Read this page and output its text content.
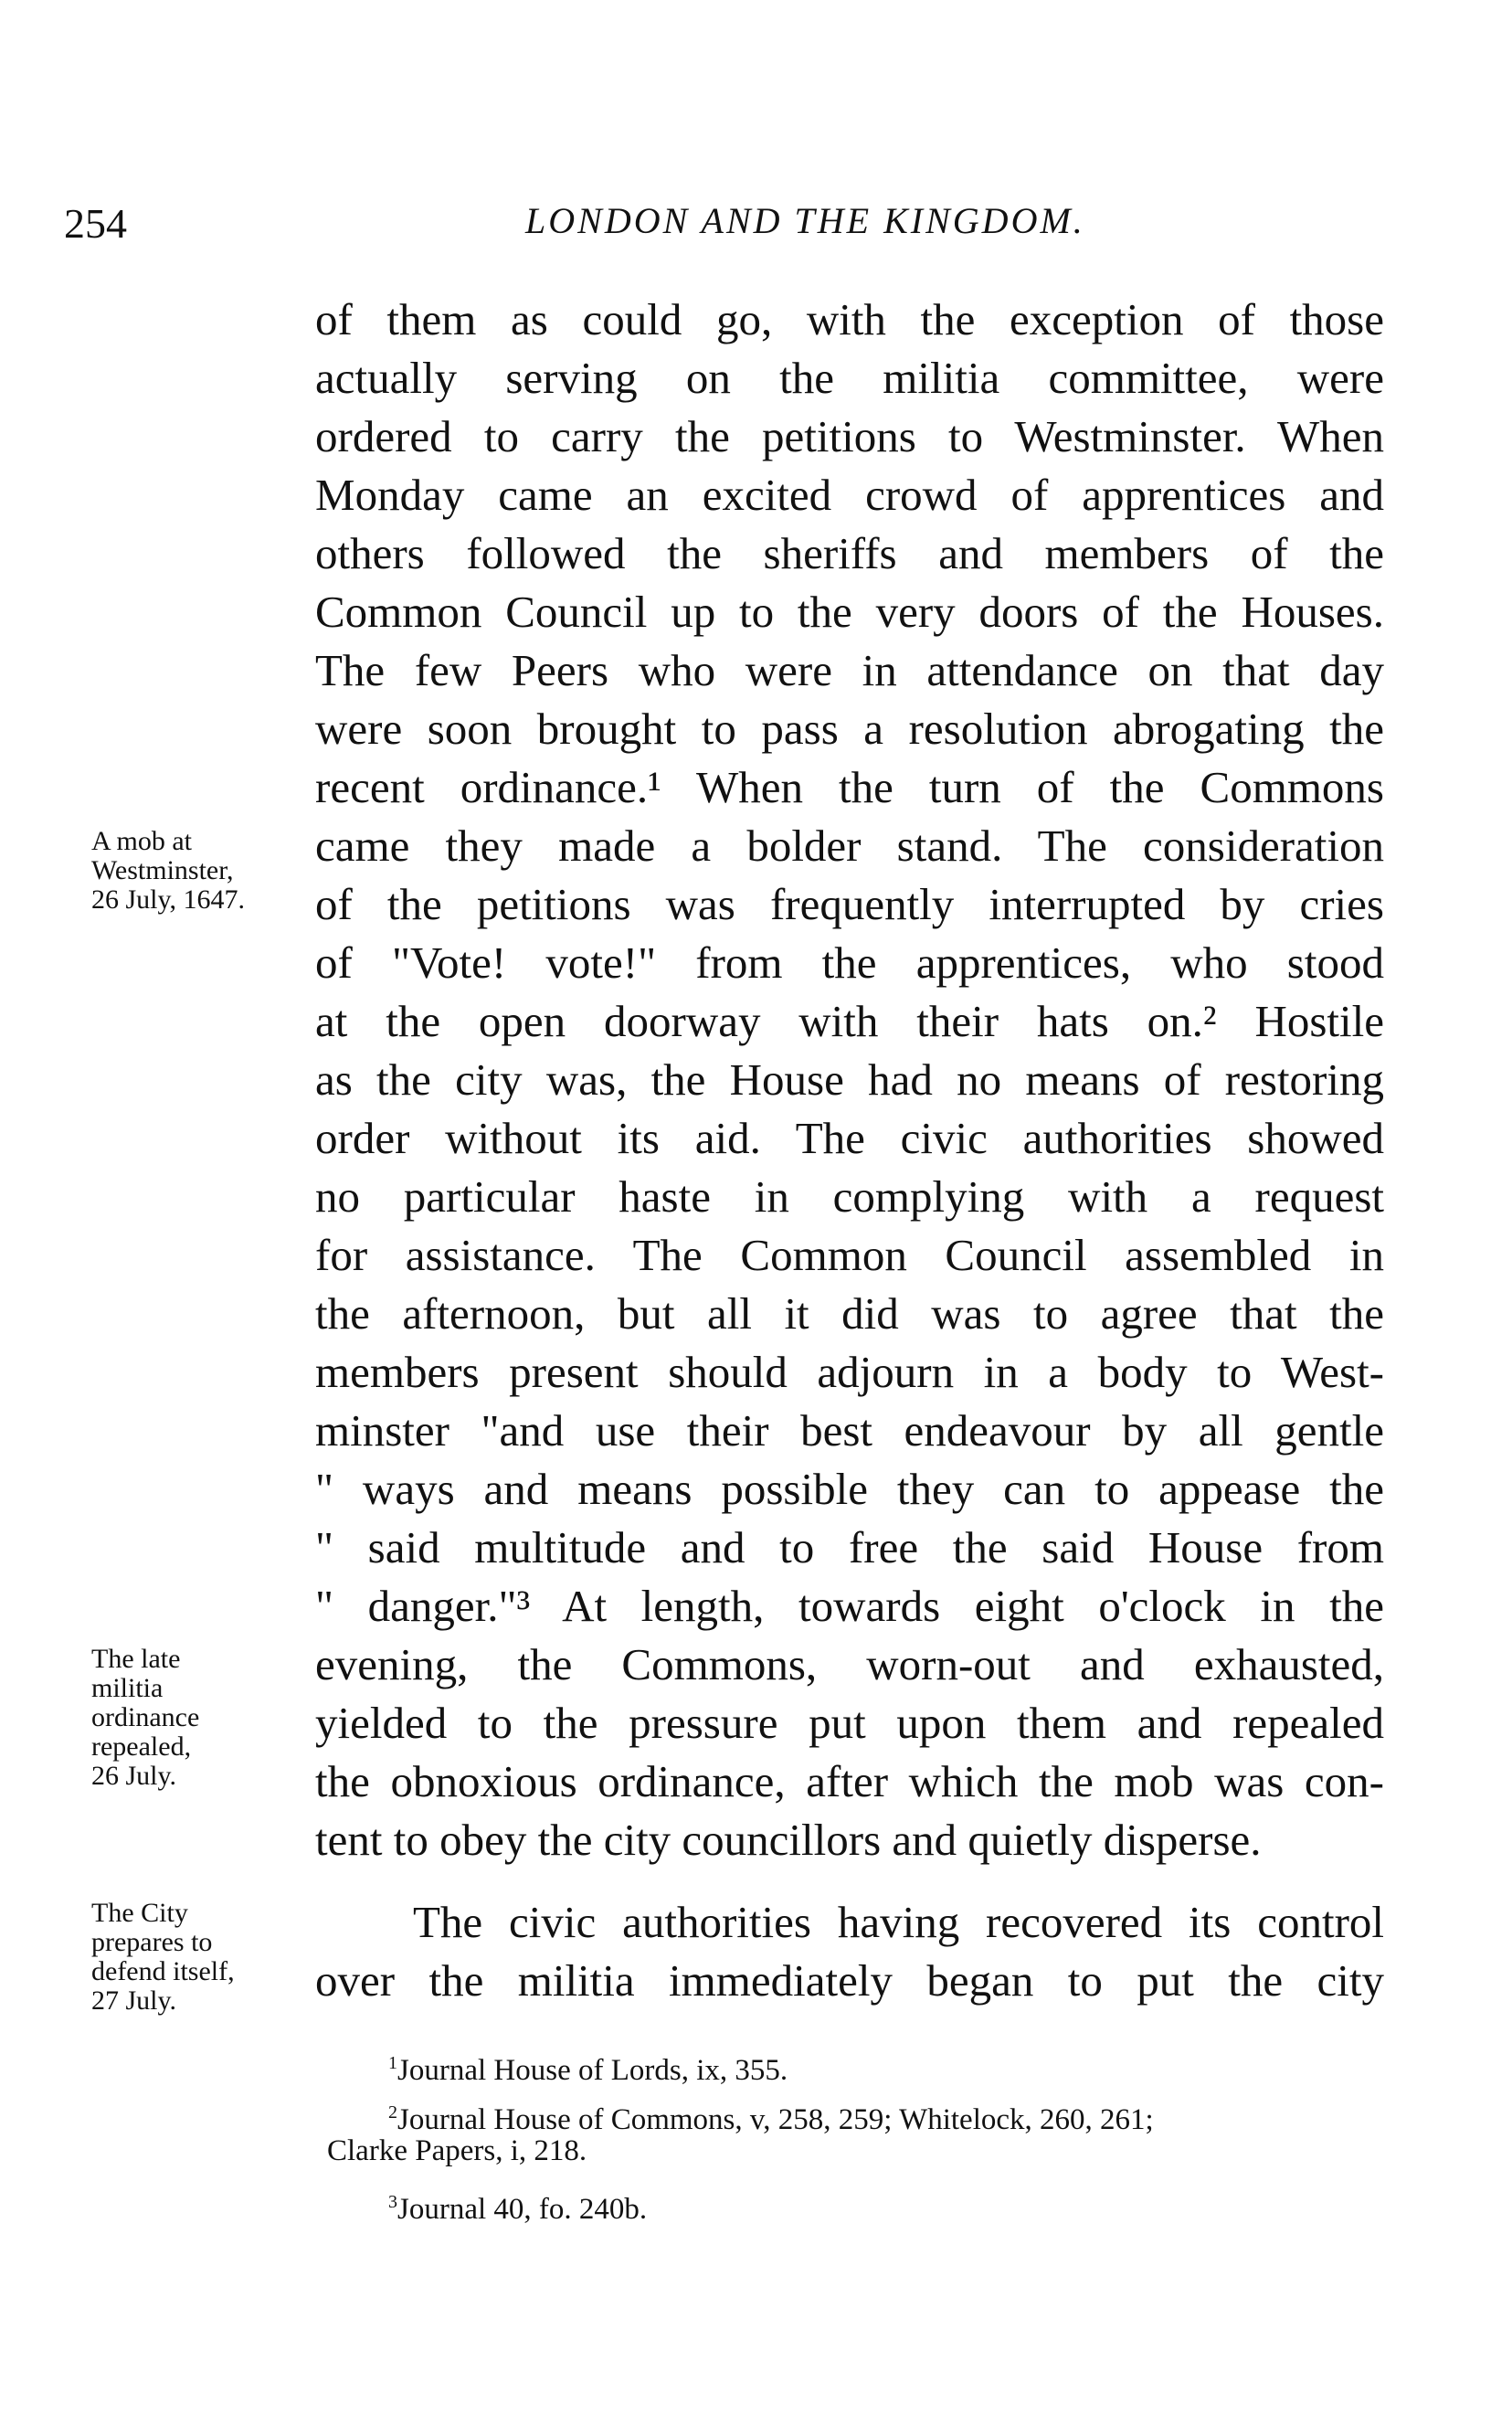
254	LONDON AND THE KINGDOM.
of them as could go, with the exception of those
actually serving on the militia committee, were
ordered to carry the petitions to Westminster. When
Monday came an excited crowd of apprentices and
others followed the sheriffs and members of the
Common Council up to the very doors of the Houses.
The few Peers who were in attendance on that day
were soon brought to pass a resolution abrogating the
recent ordinance.¹ When the turn of the Commons
came they made a bolder stand. The consideration
of the petitions was frequently interrupted by cries
of "Vote! vote!" from the apprentices, who stood
at the open doorway with their hats on.² Hostile
as the city was, the House had no means of restoring
order without its aid. The civic authorities showed
no particular haste in complying with a request
for assistance. The Common Council assembled in
the afternoon, but all it did was to agree that the
members present should adjourn in a body to West-
minster "and use their best endeavour by all gentle
" ways and means possible they can to appease the
" said multitude and to free the said House from
" danger."³ At length, towards eight o'clock in the
evening, the Commons, worn-out and exhausted,
yielded to the pressure put upon them and repealed
the obnoxious ordinance, after which the mob was con-
tent to obey the city councillors and quietly disperse.
The civic authorities having recovered its control
over the militia immediately began to put the city
A mob at
Westminster,
26 July, 1647.
The late
militia
ordinance
repealed,
26 July.
The City
prepares to
defend itself,
27 July.
$^1$Journal House of Lords, ix, 355.
$^2$Journal House of Commons, v, 258, 259; Whitelock, 260, 261;
Clarke Papers, i, 218.
$^3$Journal 40, fo. 240b.
